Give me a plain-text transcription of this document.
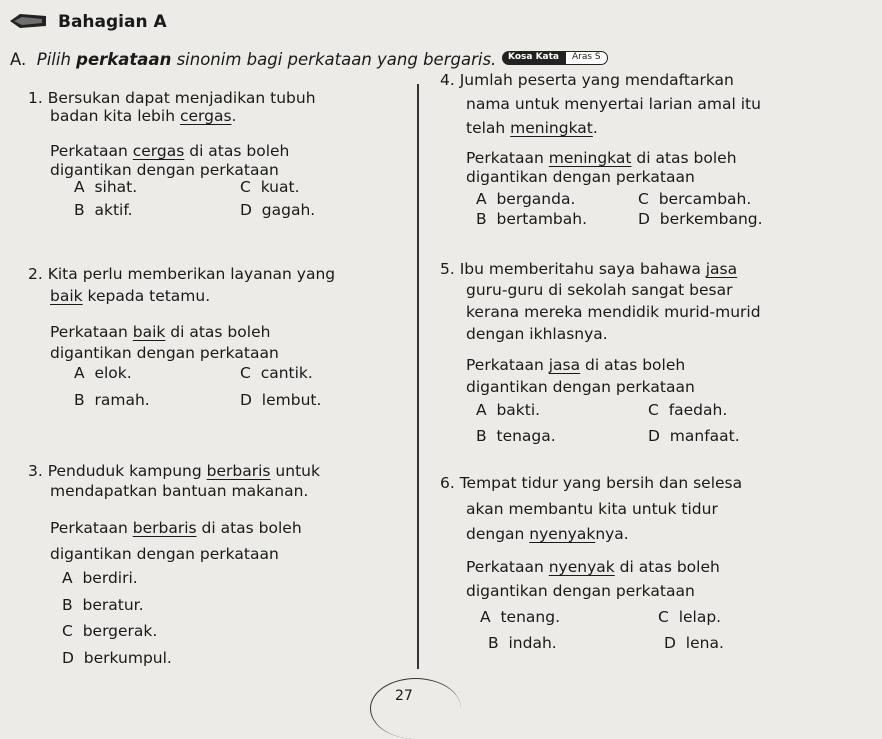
Bahagian A
A. Pilih perkataan sinonim bagi perkataan yang bergaris.	Kosa Kata	Aras S
1. Bersukan dapat menjadikan tubuh
badan kita lebih cergas.
Perkataan cergas di atas boleh
digantikan dengan perkataan
A sihat.	C kuat.
B aktif.	D gagah.
2. Kita perlu memberikan layanan yang
baik kepada tetamu.
Perkataan baik di atas boleh
digantikan dengan perkataan
A elok.	C cantik.
B ramah.	D lembut.
3. Penduduk kampung berbaris untuk
mendapatkan bantuan makanan.
Perkataan berbaris di atas boleh
digantikan dengan perkataan
A berdiri.
B beratur.
C bergerak.
D berkumpul.
4. Jumlah peserta yang mendaftarkan
nama untuk menyertai larian amal itu
telah meningkat.
Perkataan meningkat di atas boleh
digantikan dengan perkataan
A berganda.	C bercambah.
B bertambah.	D berkembang.
5. Ibu memberitahu saya bahawa jasa
guru-guru di sekolah sangat besar
kerana mereka mendidik murid-murid
dengan ikhlasnya.
Perkataan jasa di atas boleh
digantikan dengan perkataan
A bakti.	C faedah.
B tenaga.	D manfaat.
6. Tempat tidur yang bersih dan selesa
akan membantu kita untuk tidur
dengan nyenyaknya.
Perkataan nyenyak di atas boleh
digantikan dengan perkataan
A tenang.	C lelap.
B indah.	D lena.
27
